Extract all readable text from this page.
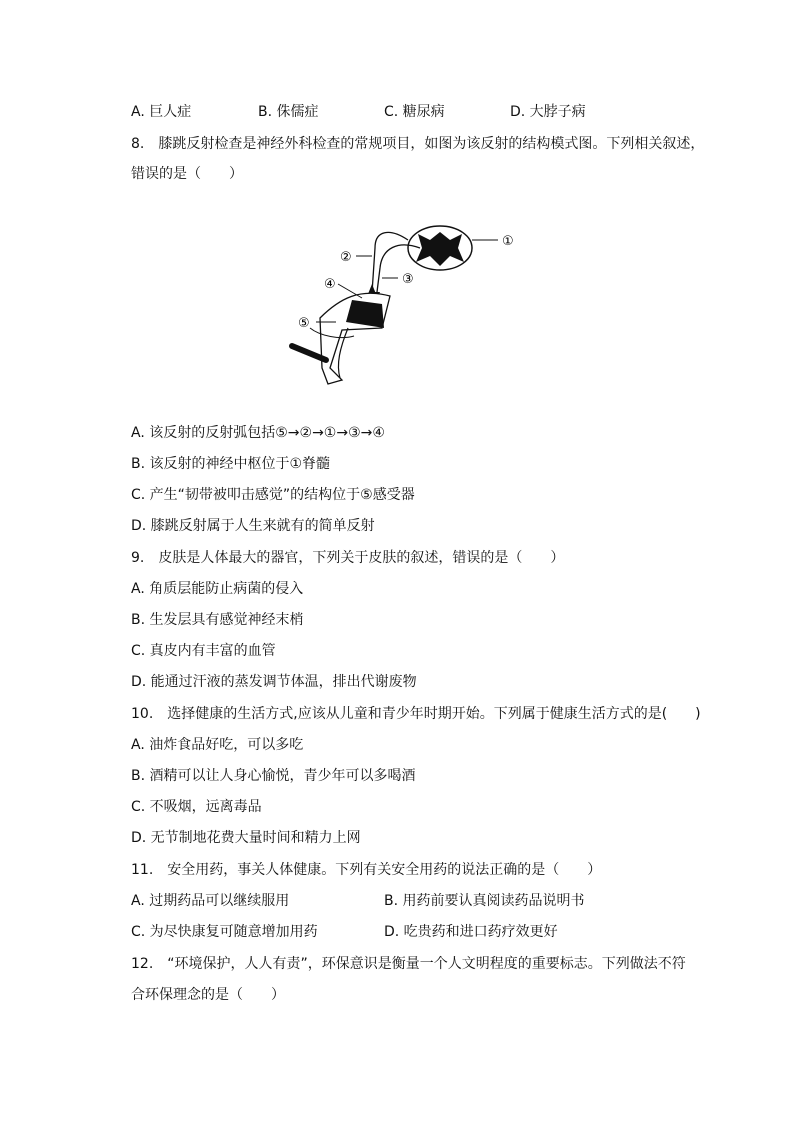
A. 巨人症	B. 侏儒症	C. 糖尿病	D. 大脖子病
8.　膝跳反射检查是神经外科检查的常规项目，如图为该反射的结构模式图。下列相关叙述，
错误的是（　　）
①
②
③
④
⑤
A. 该反射的反射弧包括⑤→②→①→③→④
B. 该反射的神经中枢位于①脊髓
C. 产生“韧带被叩击感觉”的结构位于⑤感受器
D. 膝跳反射属于人生来就有的简单反射
9.　皮肤是人体最大的器官，下列关于皮肤的叙述，错误的是（　　）
A. 角质层能防止病菌的侵入
B. 生发层具有感觉神经末梢
C. 真皮内有丰富的血管
D. 能通过汗液的蒸发调节体温，排出代谢废物
10.　选择健康的生活方式,应该从儿童和青少年时期开始。下列属于健康生活方式的是(　　)
A. 油炸食品好吃，可以多吃
B. 酒精可以让人身心愉悦，青少年可以多喝酒
C. 不吸烟，远离毒品
D. 无节制地花费大量时间和精力上网
11.　安全用药，事关人体健康。下列有关安全用药的说法正确的是（　　）
A. 过期药品可以继续服用	B. 用药前要认真阅读药品说明书
C. 为尽快康复可随意增加用药	D. 吃贵药和进口药疗效更好
12.　“环境保护，人人有责”，环保意识是衡量一个人文明程度的重要标志。下列做法不符
合环保理念的是（　　）
